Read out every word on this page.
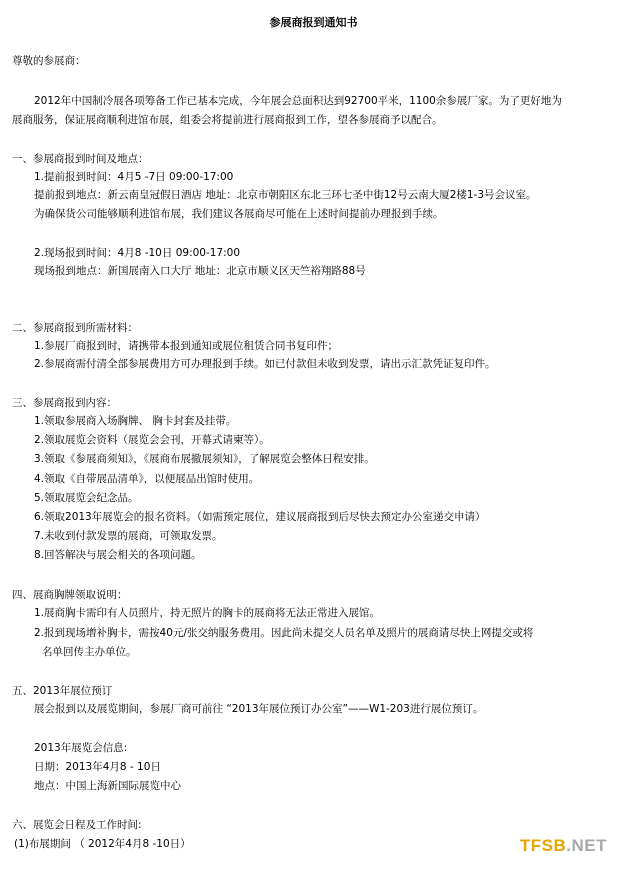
参展商报到通知书
尊敬的参展商：
2012年中国制冷展各项筹备工作已基本完成，今年展会总面积达到92700平米，1100余参展厂家。为了更好地为
展商服务，保证展商顺利进馆布展，组委会将提前进行展商报到工作，望各参展商予以配合。
一、参展商报到时间及地点：
1.提前报到时间：4月5 -7日 09:00-17:00
提前报到地点：新云南皇冠假日酒店 地址：北京市朝阳区东北三环七圣中街12号云南大厦2楼1-3号会议室。
为确保货公司能够顺利进馆布展，我们建议各展商尽可能在上述时间提前办理报到手续。
2.现场报到时间：4月8 -10日 09:00-17:00
现场报到地点：新国展南入口大厅 地址：北京市顺义区天竺裕翔路88号
二、参展商报到所需材料：
1.参展厂商报到时，请携带本报到通知或展位租赁合同书复印件；
2.参展商需付清全部参展费用方可办理报到手续。如已付款但未收到发票，请出示汇款凭证复印件。
三、参展商报到内容：
1.领取参展商入场胸牌、 胸卡封套及挂带。
2.领取展览会资料（展览会会刊，开幕式请柬等）。
3.领取《参展商须知》，《展商布展撤展须知》，了解展览会整体日程安排。
4.领取《自带展品清单》，以便展品出馆时使用。
5.领取展览会纪念品。
6.领取2013年展览会的报名资料。（如需预定展位，建议展商报到后尽快去预定办公室递交申请）
7.未收到付款发票的展商，可领取发票。
8.回答解决与展会相关的各项问题。
四、展商胸牌领取说明：
1.展商胸卡需印有人员照片，持无照片的胸卡的展商将无法正常进入展馆。
2.报到现场增补胸卡，需按40元/张交纳服务费用。因此尚未提交人员名单及照片的展商请尽快上网提交或将
名单回传主办单位。
五、2013年展位预订
展会报到以及展览期间，参展厂商可前往 “2013年展位预订办公室”——W1-203进行展位预订。
2013年展览会信息:
日期：2013年4月8 - 10日
地点：中国上海新国际展览中心
六、展览会日程及工作时间:
(1)布展期间 （ 2012年4月8 -10日）	TFSB.NET
